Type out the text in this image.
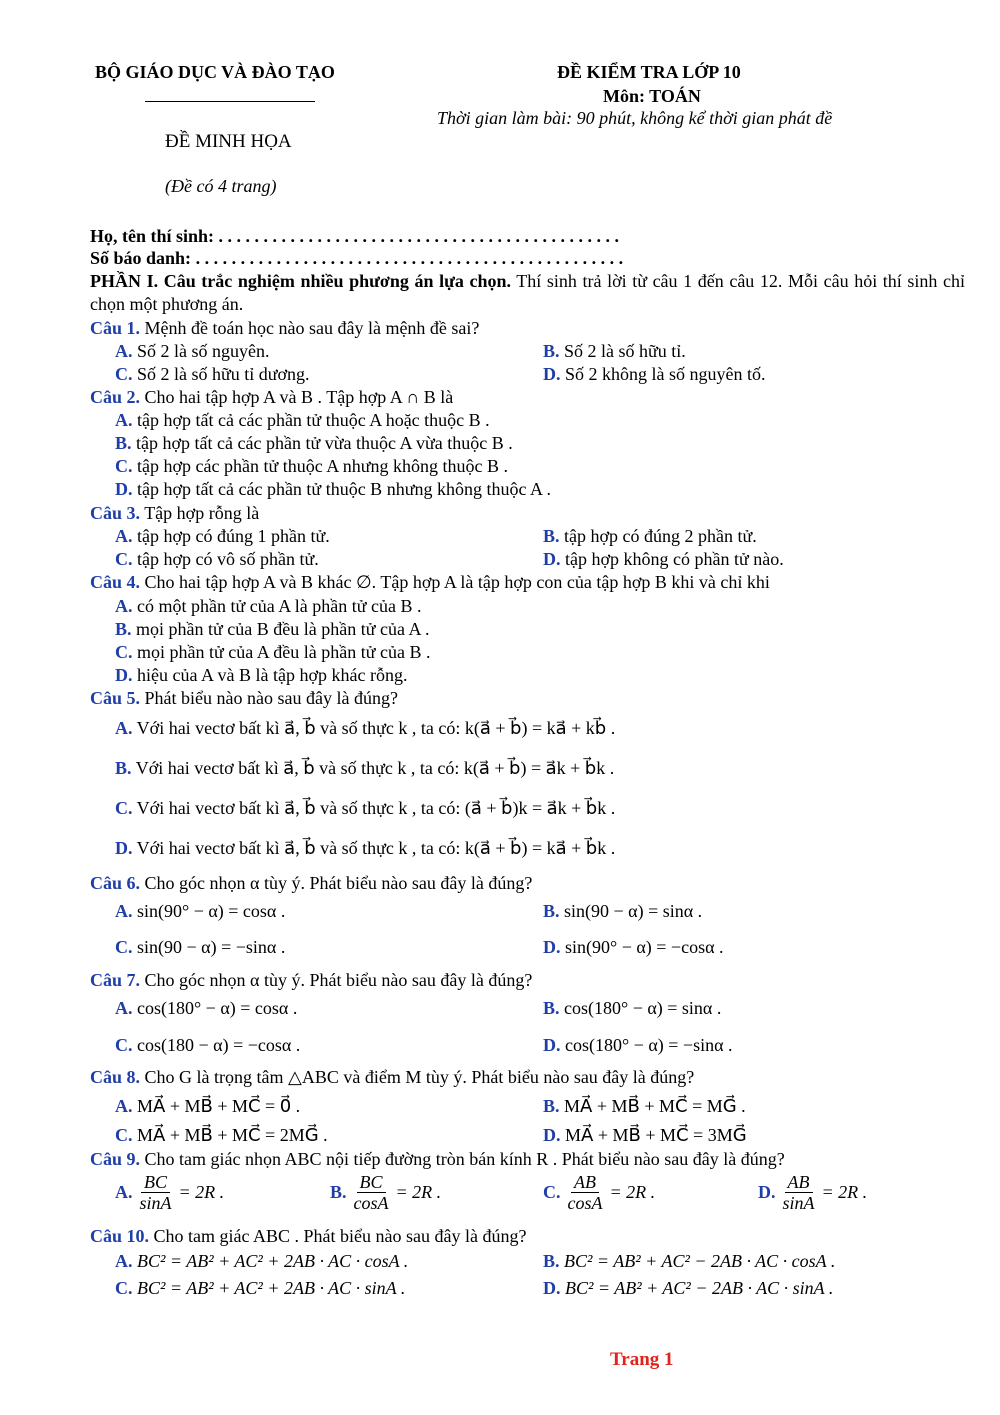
BỘ GIÁO DỤC VÀ ĐÀO TẠO
ĐỀ MINH HỌA
(Đề có 4 trang)
ĐỀ KIỂM TRA LỚP 10
Môn: TOÁN
Thời gian làm bài: 90 phút, không kể thời gian phát đề
Họ, tên thí sinh: . . . . . . . . . . . . . . . . . . . . . . . . . . . . . . . . . . . . . . . . . . . . .
Số báo danh: . . . . . . . . . . . . . . . . . . . . . . . . . . . . . . . . . . . . . . . . . . . . . . . .
PHẦN I. Câu trắc nghiệm nhiều phương án lựa chọn. Thí sinh trả lời từ câu 1 đến câu 12. Mỗi câu hỏi thí sinh chỉ chọn một phương án.
Câu 1. Mệnh đề toán học nào sau đây là mệnh đề sai?
A. Số 2 là số nguyên.	B. Số 2 là số hữu tỉ.
C. Số 2 là số hữu tỉ dương.	D. Số 2 không là số nguyên tố.
Câu 2. Cho hai tập hợp A và B . Tập hợp A ∩ B là
A. tập hợp tất cả các phần tử thuộc A hoặc thuộc B .
B. tập hợp tất cả các phần tử vừa thuộc A vừa thuộc B .
C. tập hợp các phần tử thuộc A nhưng không thuộc B .
D. tập hợp tất cả các phần tử thuộc B nhưng không thuộc A .
Câu 3. Tập hợp rỗng là
A. tập hợp có đúng 1 phần tử.	B. tập hợp có đúng 2 phần tử.
C. tập hợp có vô số phần tử.	D. tập hợp không có phần tử nào.
Câu 4. Cho hai tập hợp A và B khác ∅. Tập hợp A là tập hợp con của tập hợp B khi và chỉ khi
A. có một phần tử của A là phần tử của B .
B. mọi phần tử của B đều là phần tử của A .
C. mọi phần tử của A đều là phần tử của B .
D. hiệu của A và B là tập hợp khác rỗng.
Câu 5. Phát biểu nào nào sau đây là đúng?
A. Với hai vectơ bất kì a⃗, b⃗ và số thực k , ta có: k(a⃗ + b⃗) = ka⃗ + kb⃗ .
B. Với hai vectơ bất kì a⃗, b⃗ và số thực k , ta có: k(a⃗ + b⃗) = a⃗k + b⃗k .
C. Với hai vectơ bất kì a⃗, b⃗ và số thực k , ta có: (a⃗ + b⃗)k = a⃗k + b⃗k .
D. Với hai vectơ bất kì a⃗, b⃗ và số thực k , ta có: k(a⃗ + b⃗) = ka⃗ + b⃗k .
Câu 6. Cho góc nhọn α tùy ý. Phát biểu nào sau đây là đúng?
A. sin(90° − α) = cosα .	B. sin(90 − α) = sinα .
C. sin(90 − α) = −sinα .	D. sin(90° − α) = −cosα .
Câu 7. Cho góc nhọn α tùy ý. Phát biểu nào sau đây là đúng?
A. cos(180° − α) = cosα .	B. cos(180° − α) = sinα .
C. cos(180 − α) = −cosα .	D. cos(180° − α) = −sinα .
Câu 8. Cho G là trọng tâm △ABC và điểm M tùy ý. Phát biểu nào sau đây là đúng?
A. MA⃗ + MB⃗ + MC⃗ = 0⃗ .	B. MA⃗ + MB⃗ + MC⃗ = MG⃗ .
C. MA⃗ + MB⃗ + MC⃗ = 2MG⃗ .	D. MA⃗ + MB⃗ + MC⃗ = 3MG⃗
Câu 9. Cho tam giác nhọn ABC nội tiếp đường tròn bán kính R . Phát biểu nào sau đây là đúng?
A. $\frac{BC}{\sin A} = 2R$ .	B. $\frac{BC}{\cos A} = 2R$ .	C. $\frac{AB}{\cos A} = 2R$ .	D. $\frac{AB}{\sin A} = 2R$ .
Câu 10. Cho tam giác ABC . Phát biểu nào sau đây là đúng?
A. BC² = AB² + AC² + 2AB · AC · cosA .	B. BC² = AB² + AC² − 2AB · AC · cosA .
C. BC² = AB² + AC² + 2AB · AC · sinA .	D. BC² = AB² + AC² − 2AB · AC · sinA .
Trang 1
